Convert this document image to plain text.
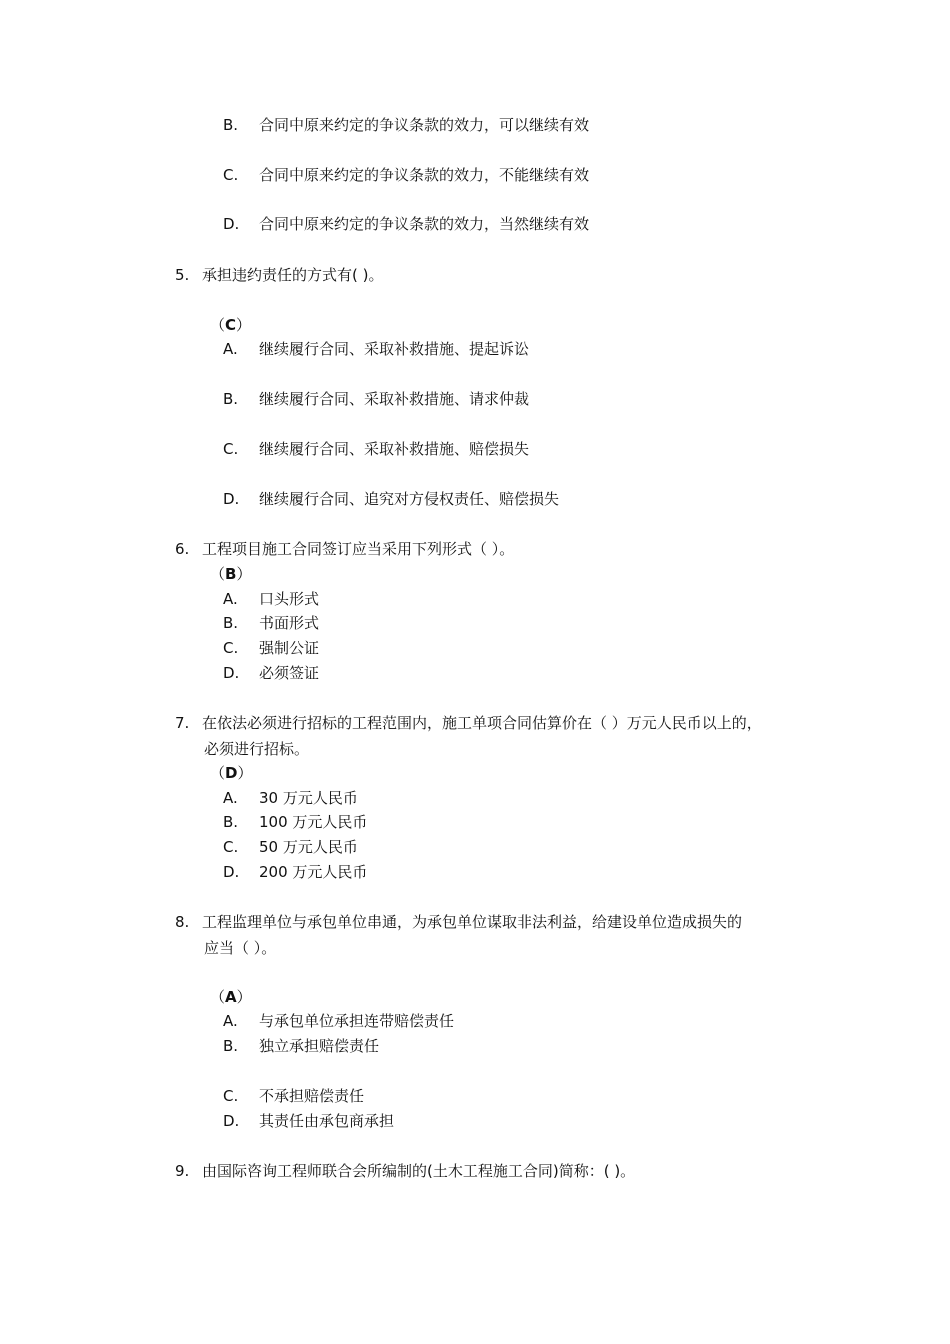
B. 合同中原来约定的争议条款的效力，可以继续有效
C. 合同中原来约定的争议条款的效力，不能继续有效
D. 合同中原来约定的争议条款的效力，当然继续有效
5. 承担违约责任的方式有( )。
（C）
A. 继续履行合同、采取补救措施、提起诉讼
B. 继续履行合同、采取补救措施、请求仲裁
C. 继续履行合同、采取补救措施、赔偿损失
D. 继续履行合同、追究对方侵权责任、赔偿损失
6. 工程项目施工合同签订应当采用下列形式（ ）。
（B）
A. 口头形式
B. 书面形式
C. 强制公证
D. 必须签证
7. 在依法必须进行招标的工程范围内，施工单项合同估算价在（ ）万元人民币以上的，
必须进行招标。
（D）
A. 30 万元人民币
B. 100 万元人民币
C. 50 万元人民币
D. 200 万元人民币
8. 工程监理单位与承包单位串通，为承包单位谋取非法利益，给建设单位造成损失的
应当（ ）。
（A）
A. 与承包单位承担连带赔偿责任
B. 独立承担赔偿责任
C. 不承担赔偿责任
D. 其责任由承包商承担
9. 由国际咨询工程师联合会所编制的(土木工程施工合同)简称：( )。
